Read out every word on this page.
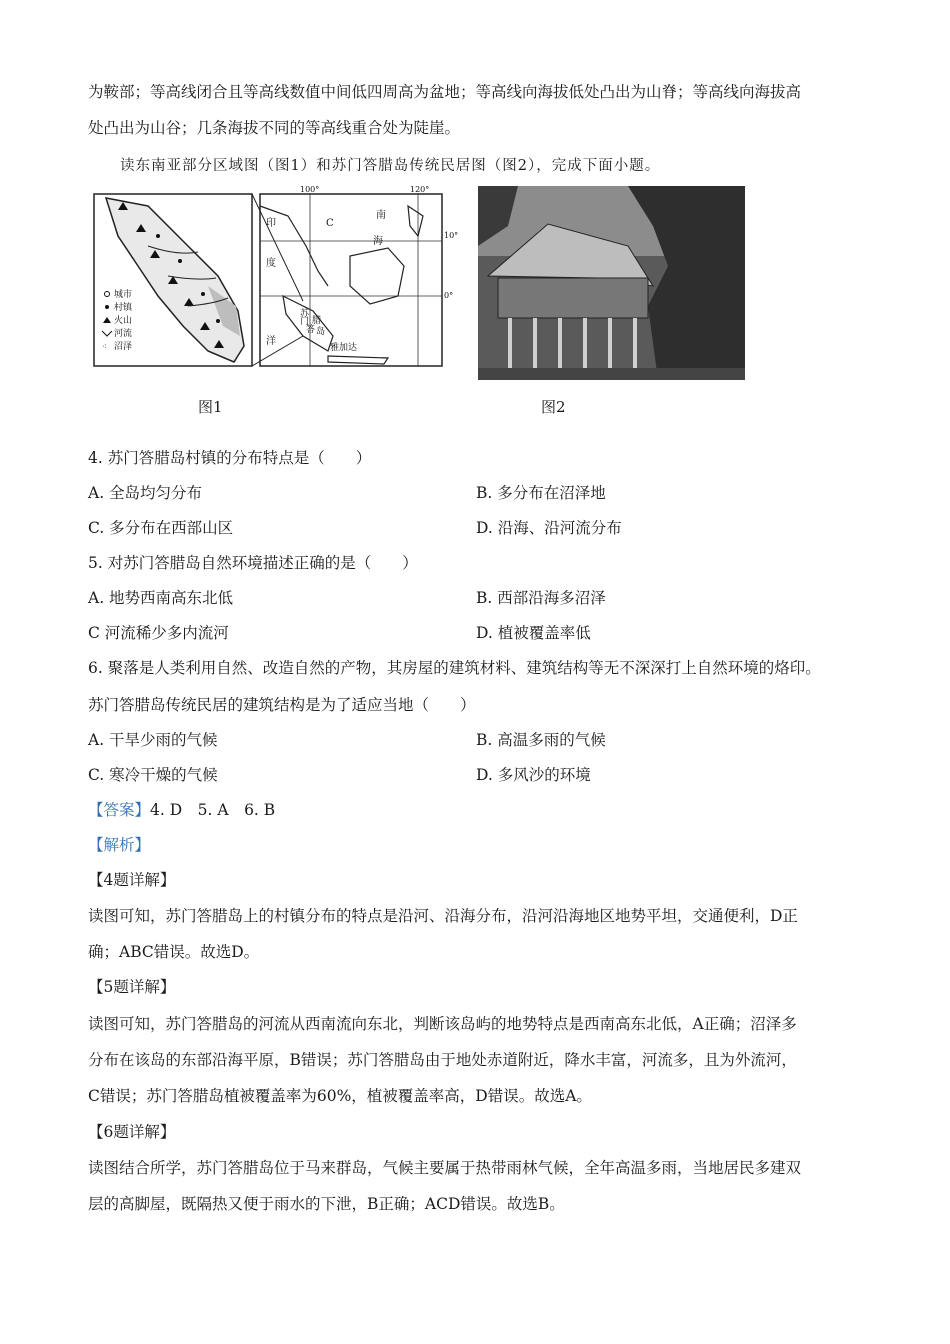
为鞍部；等高线闭合且等高线数值中间低四周高为盆地；等高线向海拔低处凸出为山脊；等高线向海拔高
处凸出为山谷；几条海拔不同的等高线重合处为陡崖。
读东南亚部分区域图（图1）和苏门答腊岛传统民居图（图2），完成下面小题。
城市
村镇
火山
河流
⁖ 沼泽
100°	120°
印
南
度
海
C
10°
0°
苏
门
答
腊
岛
雅加达
洋
图1	图2
4. 苏门答腊岛村镇的分布特点是（　　）
A. 全岛均匀分布	B. 多分布在沼泽地
C. 多分布在西部山区	D. 沿海、沿河流分布
5. 对苏门答腊岛自然环境描述正确的是（　　）
A. 地势西南高东北低	B. 西部沿海多沼泽
C 河流稀少多内流河	D. 植被覆盖率低
6. 聚落是人类利用自然、改造自然的产物，其房屋的建筑材料、建筑结构等无不深深打上自然环境的烙印。
苏门答腊岛传统民居的建筑结构是为了适应当地（　　）
A. 干旱少雨的气候	B. 高温多雨的气候
C. 寒冷干燥的气候	D. 多风沙的环境
【答案】4. D　5. A　6. B
【解析】
【4题详解】
读图可知，苏门答腊岛上的村镇分布的特点是沿河、沿海分布，沿河沿海地区地势平坦，交通便利，D正
确；ABC错误。故选D。
【5题详解】
读图可知，苏门答腊岛的河流从西南流向东北，判断该岛屿的地势特点是西南高东北低，A正确；沼泽多
分布在该岛的东部沿海平原，B错误；苏门答腊岛由于地处赤道附近，降水丰富，河流多，且为外流河，
C错误；苏门答腊岛植被覆盖率为60%，植被覆盖率高，D错误。故选A。
【6题详解】
读图结合所学，苏门答腊岛位于马来群岛，气候主要属于热带雨林气候，全年高温多雨，当地居民多建双
层的高脚屋，既隔热又便于雨水的下泄，B正确；ACD错误。故选B。
